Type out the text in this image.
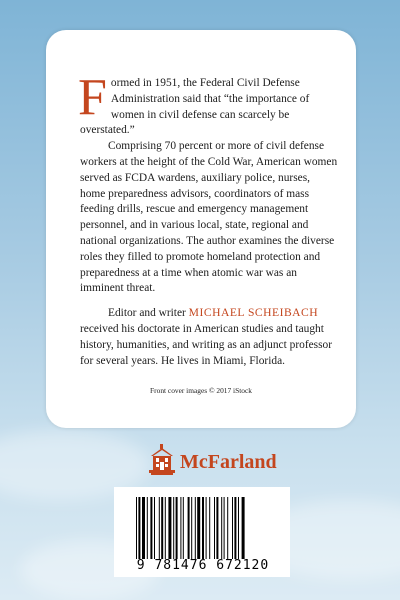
Formed in 1951, the Federal Civil Defense Administration said that “the importance of women in civil defense can scarcely be overstated.”

Comprising 70 percent or more of civil defense workers at the height of the Cold War, American women served as FCDA wardens, auxiliary police, nurses, home preparedness advisors, coordinators of mass feeding drills, rescue and emergency management personnel, and in various local, state, regional and national organizations. The author examines the diverse roles they filled to promote homeland protection and preparedness at a time when atomic war was an imminent threat.

Editor and writer MICHAEL SCHEIBACH received his doctorate in American studies and taught history, humanities, and writing as an adjunct professor for several years. He lives in Miami, Florida.

Front cover images © 2017 iStock
McFarland
9 781476 672120
